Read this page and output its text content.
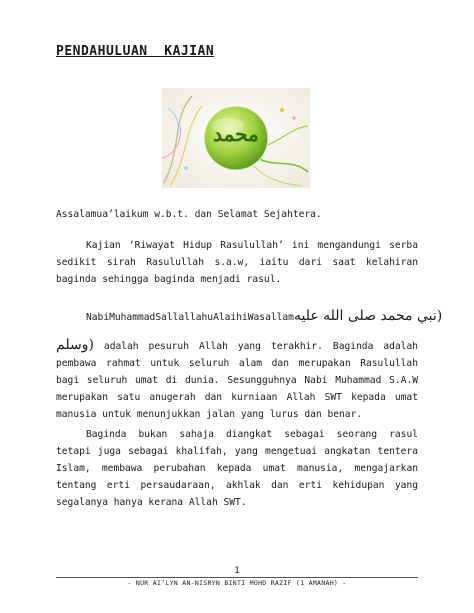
PENDAHULUAN  KAJIAN
محمد

Assalamua’laikum w.b.t. dan Selamat Sejahtera.

Kajian ‘Riwayat Hidup Rasulullah’ ini mengandungi serba sedikit sirah Rasulullah s.a.w, iaitu dari saat kelahiran baginda sehingga baginda menjadi rasul.

Nabi Muhammad Sallallahu Alaihi Wasallam (نبي محمد صلى الله عليه

وسلم) adalah pesuruh Allah yang terakhir. Baginda adalah pembawa rahmat untuk seluruh alam dan merupakan Rasulullah bagi seluruh umat di dunia. Sesungguhnya Nabi Muhammad S.A.W merupakan satu anugerah dan kurniaan Allah SWT kepada umat manusia untuk menunjukkan jalan yang lurus dan benar.

Baginda bukan sahaja diangkat sebagai seorang rasul tetapi juga sebagai khalifah, yang mengetuai angkatan tentera Islam, membawa perubahan kepada umat manusia, mengajarkan tentang erti persaudaraan, akhlak dan erti kehidupan yang segalanya hanya kerana Allah SWT.

1
- NUR AI’LYN AN-NISRYN BINTI MOHD RAZIF (1 AMANAH) -
